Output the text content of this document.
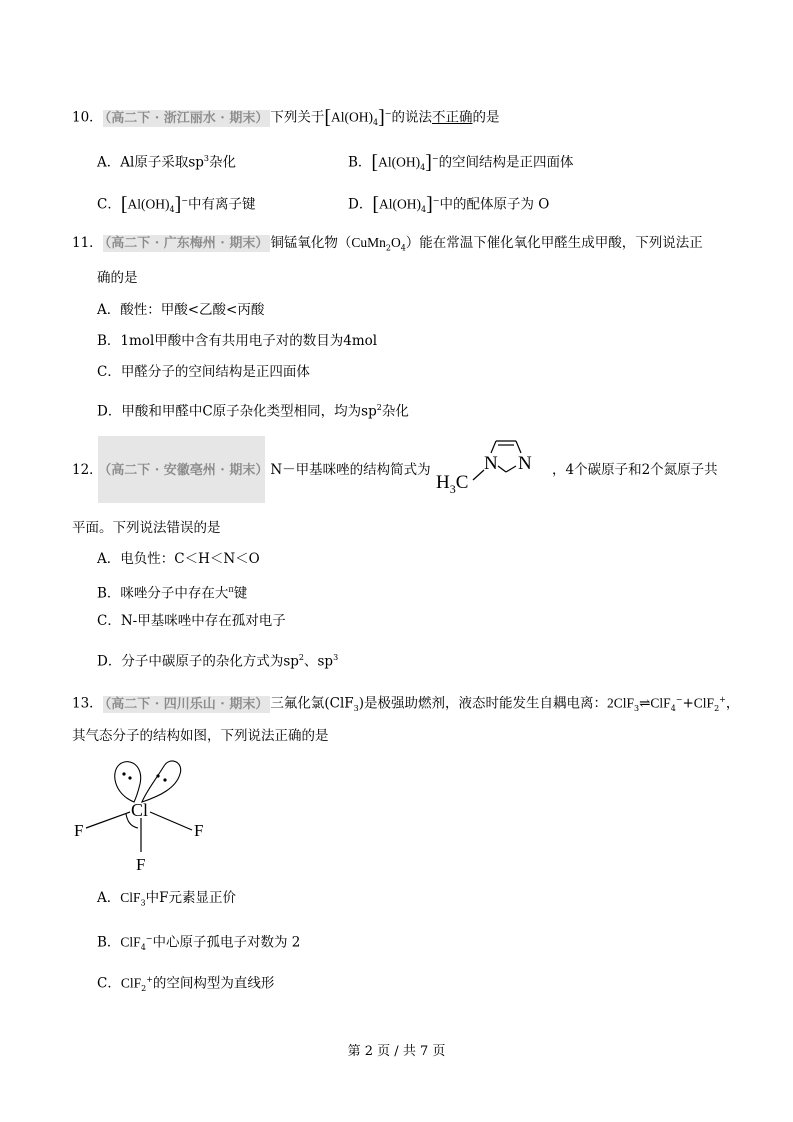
10． （高二下 · 浙江丽水 · 期末） 下列关于$[Al(OH)_4]^-$的说法不正确的是
A．Al原子采取$sp^3$杂化	B．$[Al(OH)_4]^-$的空间结构是正四面体
C．$[Al(OH)_4]^-$中有离子键	D．$[Al(OH)_4]^-$中的配体原子为 O
11． （高二下 · 广东梅州 · 期末） 铜锰氧化物$(CuMn_2O_4)$能在常温下催化氧化甲醛生成甲酸，下列说法正
确的是
A．酸性：甲酸<乙酸<丙酸
B．1mol甲酸中含有共用电子对的数目为4mol
C．甲醛分子的空间结构是正四面体
D．甲酸和甲醛中C原子杂化类型相同，均为$sp^2$杂化
12． （高二下 · 安徽亳州 · 期末） N－甲基咪唑的结构简式为
$H_3C$
N N ，4个碳原子和2个氮原子共
平面。下列说法错误的是
A．电负性：C＜H＜N＜O
B．咪唑分子中存在大$^\pi$键
C．N-甲基咪唑中存在孤对电子
D．分子中碳原子的杂化方式为$sp^2$、$sp^3$
13． （高二下 · 四川乐山 · 期末） 三氟化氯(ClF$_3$)是极强助燃剂，液态时能发生自耦电离：2ClF$_3$⇌ClF$_4$−+ClF$_2$+，
其气态分子的结构如图，下列说法正确的是
Cl
F	F
F
A．ClF$_3$中F元素显正价
B．ClF$_4$−中心原子孤电子对数为 2
C．ClF$_2$+的空间构型为直线形
第 2 页 / 共 7 页
